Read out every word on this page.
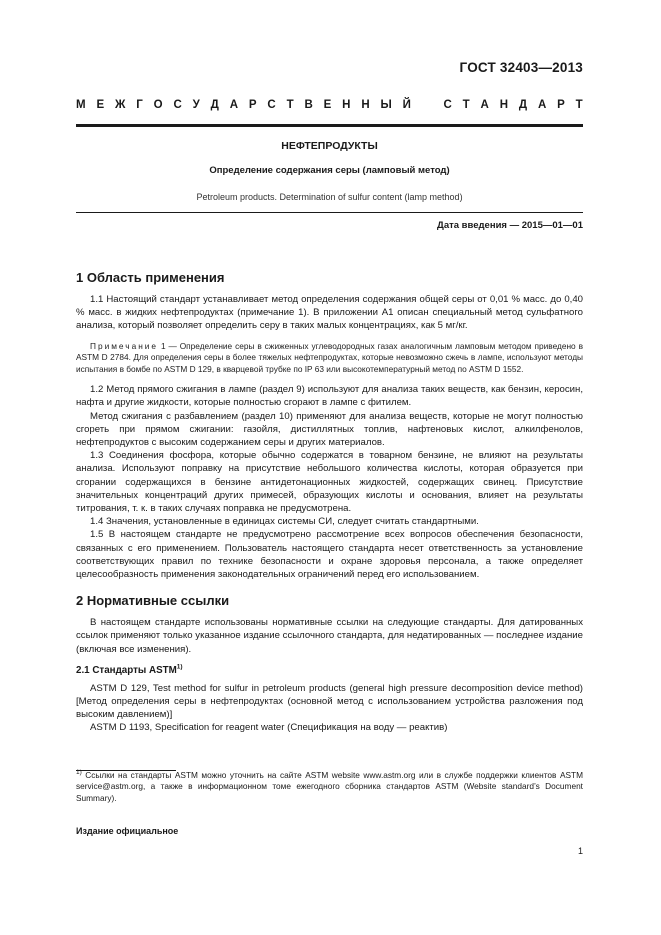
ГОСТ 32403—2013
М Е Ж Г О С У Д А Р С Т В Е Н Н Ы Й	С Т А Н Д А Р Т
НЕФТЕПРОДУКТЫ
Определение содержания серы (ламповый метод)
Petroleum products. Determination of sulfur content (lamp method)
Дата введения — 2015—01—01
1 Область применения

1.1 Настоящий стандарт устанавливает метод определения содержания общей серы от 0,01 % масс. до 0,40 % масс. в жидких нефтепродуктах (примечание 1). В приложении А1 описан специальный метод сульфатного анализа, который позволяет определить серу в таких малых концентрациях, как 5 мг/кг.

Примечание 1 — Определение серы в сжиженных углеводородных газах аналогичным ламповым методом приведено в ASTM D 2784. Для определения серы в более тяжелых нефтепродуктах, которые невозможно сжечь в лампе, используют методы испытания в бомбе по ASTM D 129, в кварцевой трубке по IP 63 или высокотемпературный метод по ASTM D 1552.

1.2 Метод прямого сжигания в лампе (раздел 9) используют для анализа таких веществ, как бензин, керосин, нафта и другие жидкости, которые полностью сгорают в лампе с фитилем.

Метод сжигания с разбавлением (раздел 10) применяют для анализа веществ, которые не могут полностью сгореть при прямом сжигании: газойля, дистиллятных топлив, нафтеновых кислот, алкилфенолов, нефтепродуктов с высоким содержанием серы и других материалов.

1.3 Соединения фосфора, которые обычно содержатся в товарном бензине, не влияют на результаты анализа. Используют поправку на присутствие небольшого количества кислоты, которая образуется при сгорании содержащихся в бензине антидетонационных жидкостей, содержащих свинец. Присутствие значительных концентраций других примесей, образующих кислоты и основания, влияет на результаты титрования, т. к. в таких случаях поправка не предусмотрена.

1.4 Значения, установленные в единицах системы СИ, следует считать стандартными.

1.5 В настоящем стандарте не предусмотрено рассмотрение всех вопросов обеспечения безопасности, связанных с его применением. Пользователь настоящего стандарта несет ответственность за установление соответствующих правил по технике безопасности и охране здоровья персонала, а также определяет целесообразность применения законодательных ограничений перед его использованием.

2 Нормативные ссылки

В настоящем стандарте использованы нормативные ссылки на следующие стандарты. Для датированных ссылок применяют только указанное издание ссылочного стандарта, для недатированных — последнее издание (включая все изменения).

2.1 Стандарты ASTM$^{1)}$

ASTM D 129, Test method for sulfur in petroleum products (general high pressure decomposition device method) [Метод определения серы в нефтепродуктах (основной метод с использованием устройства разложения под высоким давлением)]

ASTM D 1193, Specification for reagent water (Спецификация на воду — реактив)

$^{1)}$ Ссылки на стандарты ASTM можно уточнить на сайте ASTM website www.astm.org или в службе поддержки клиентов ASTM service@astm.org, а также в информационном томе ежегодного сборника стандартов ASTM (Website standard’s Document Summary).
Издание официальное
1
